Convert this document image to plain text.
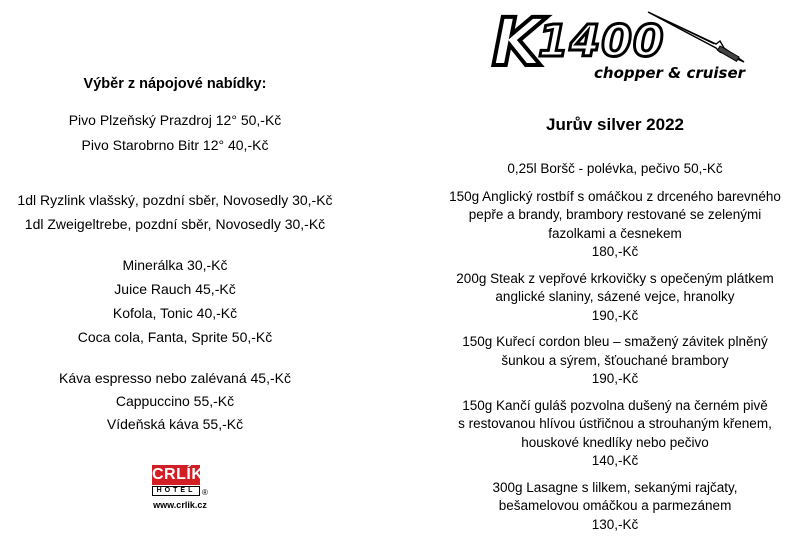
Výběr z nápojové nabídky:
Pivo Plzeňský Prazdroj 12° 50,-Kč
Pivo Starobrno Bitr 12° 40,-Kč
1dl Ryzlink vlašský, pozdní sběr, Novosedly 30,-Kč
1dl Zweigeltrebe, pozdní sběr, Novosedly 30,-Kč
Minerálka 30,-Kč
Juice Rauch 45,-Kč
Kofola, Tonic 40,-Kč
Coca cola, Fanta, Sprite 50,-Kč
Káva espresso nebo zalévaná 45,-Kč
Cappuccino 55,-Kč
Vídeňská káva 55,-Kč
CRLÍK
HOTEL ®
www.crlik.cz
K
1400
chopper & cruiser
Jurův silver 2022
0,25l Boršč - polévka, pečivo 50,-Kč
150g Anglický rostbíf s omáčkou z drceného barevného
pepře a brandy, brambory restované se zelenými
fazolkami a česnekem
180,-Kč
200g Steak z vepřové krkovičky s opečeným plátkem
anglické slaniny, sázené vejce, hranolky
190,-Kč
150g Kuřecí cordon bleu – smažený závitek plněný
šunkou a sýrem, šťouchané brambory
190,-Kč
150g Kančí guláš pozvolna dušený na černém pivě
s restovanou hlívou ústřičnou a strouhaným křenem,
houskové knedlíky nebo pečivo
140,-Kč
300g Lasagne s lilkem, sekanými rajčaty,
bešamelovou omáčkou a parmezánem
130,-Kč
